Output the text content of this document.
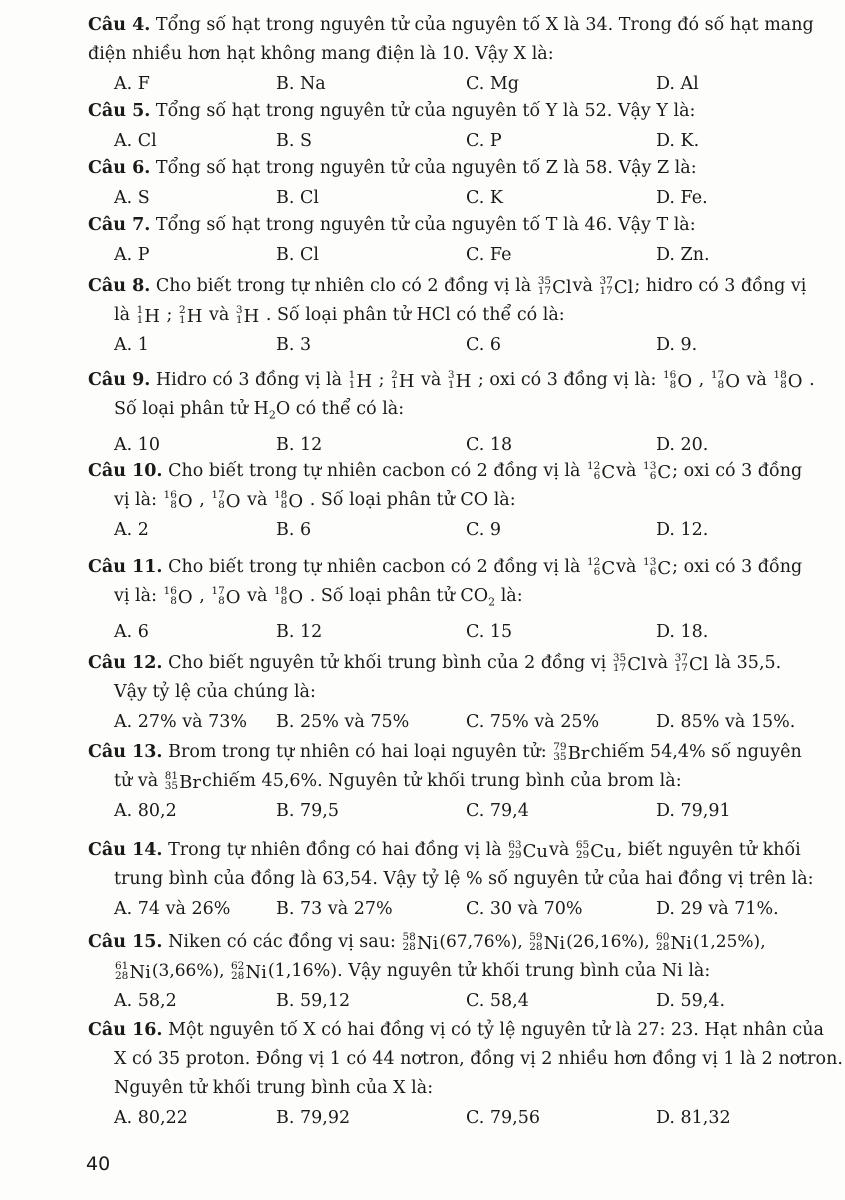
Câu 4. Tổng số hạt trong nguyên tử của nguyên tố X là 34. Trong đó số hạt mang
điện nhiều hơn hạt không mang điện là 10. Vậy X là:
A. F	B. Na	C. Mg	D. Al
Câu 5. Tổng số hạt trong nguyên tử của nguyên tố Y là 52. Vậy Y là:
A. Cl	B. S	C. P	D. K.
Câu 6. Tổng số hạt trong nguyên tử của nguyên tố Z là 58. Vậy Z là:
A. S	B. Cl	C. K	D. Fe.
Câu 7. Tổng số hạt trong nguyên tử của nguyên tố T là 46. Vậy T là:
A. P	B. Cl	C. Fe	D. Zn.
Câu 8. Cho biết trong tự nhiên clo có 2 đồng vị là 35
17 Clvà 37
17 Cl; hidro có 3 đồng vị
là 1
1 H ; 2
1 H và 3
1 H . Số loại phân tử HCl có thể có là:
A. 1	B. 3	C. 6	D. 9.
Câu 9. Hidro có 3 đồng vị là 1
1 H ; 2
1 H và 3
1 H ; oxi có 3 đồng vị là: 16
8 O , 17
8 O và 18
8 O .
Số loại phân tử $H_2O$ có thể có là:
A. 10	B. 12	C. 18	D. 20.
Câu 10. Cho biết trong tự nhiên cacbon có 2 đồng vị là 12
6 Cvà 13
6 C; oxi có 3 đồng
vị là: 16
8 O , 17
8 O và 18
8 O . Số loại phân tử CO là:
A. 2	B. 6	C. 9	D. 12.
Câu 11. Cho biết trong tự nhiên cacbon có 2 đồng vị là 12
6 Cvà 13
6 C; oxi có 3 đồng
vị là: 16
8 O , 17
8 O và 18
8 O . Số loại phân tử $CO_2$ là:
A. 6	B. 12	C. 15	D. 18.
Câu 12. Cho biết nguyên tử khối trung bình của 2 đồng vị 35
17 Clvà 37
17 Cl là 35,5.
Vậy tỷ lệ của chúng là:
A. 27% và 73% B. 25% và 75%	C. 75% và 25%	D. 85% và 15%.
Câu 13. Brom trong tự nhiên có hai loại nguyên tử: 79
35 Brchiếm 54,4% số nguyên
tử và 81
35 Brchiếm 45,6%. Nguyên tử khối trung bình của brom là:
A. 80,2	B. 79,5	C. 79,4	D. 79,91
Câu 14. Trong tự nhiên đồng có hai đồng vị là 63
29 Cuvà 65
29 Cu, biết nguyên tử khối
trung bình của đồng là 63,54. Vậy tỷ lệ % số nguyên tử của hai đồng vị trên là:
A. 74 và 26%	B. 73 và 27%	C. 30 và 70%	D. 29 và 71%.
Câu 15. Niken có các đồng vị sau: 58
28 Ni(67,76%), 59
28 Ni(26,16%), 60
28 Ni(1,25%),
61
28 Ni(3,66%), 62
28 Ni(1,16%). Vậy nguyên tử khối trung bình của Ni là:
A. 58,2	B. 59,12	C. 58,4	D. 59,4.
Câu 16. Một nguyên tố X có hai đồng vị có tỷ lệ nguyên tử là 27: 23. Hạt nhân của
X có 35 proton. Đồng vị 1 có 44 nơtron, đồng vị 2 nhiều hơn đồng vị 1 là 2 nơtron.
Nguyên tử khối trung bình của X là:
A. 80,22	B. 79,92	C. 79,56	D. 81,32
40
